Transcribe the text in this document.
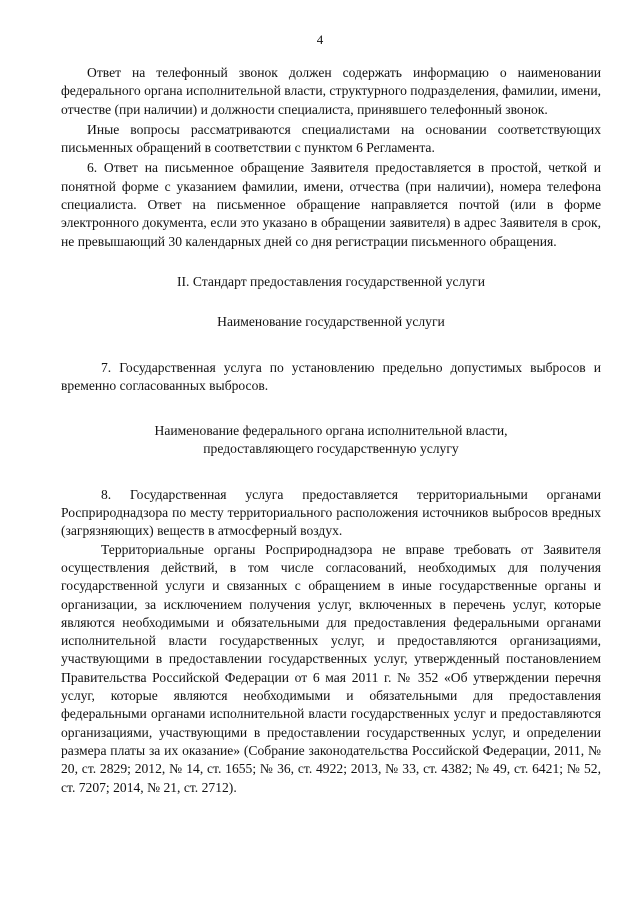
4

Ответ на телефонный звонок должен содержать информацию о наименовании федерального органа исполнительной власти, структурного подразделения, фамилии, имени, отчестве (при наличии) и должности специалиста, принявшего телефонный звонок.

Иные вопросы рассматриваются специалистами на основании соответствующих письменных обращений в соответствии с пунктом 6 Регламента.

6. Ответ на письменное обращение Заявителя предоставляется в простой, четкой и понятной форме с указанием фамилии, имени, отчества (при наличии), номера телефона специалиста. Ответ на письменное обращение направляется почтой (или в форме электронного документа, если это указано в обращении заявителя) в адрес Заявителя в срок, не превышающий 30 календарных дней со дня регистрации письменного обращения.

II. Стандарт предоставления государственной услуги

Наименование государственной услуги

7. Государственная услуга по установлению предельно допустимых выбросов и временно согласованных выбросов.

Наименование федерального органа исполнительной власти,

предоставляющего государственную услугу

8. Государственная услуга предоставляется территориальными органами Росприроднадзора по месту территориального расположения источников выбросов вредных (загрязняющих) веществ в атмосферный воздух.

Территориальные органы Росприроднадзора не вправе требовать от Заявителя осуществления действий, в том числе согласований, необходимых для получения государственной услуги и связанных с обращением в иные государственные органы и организации, за исключением получения услуг, включенных в перечень услуг, которые являются необходимыми и обязательными для предоставления федеральными органами исполнительной власти государственных услуг, и предоставляются организациями, участвующими в предоставлении государственных услуг, утвержденный постановлением Правительства Российской Федерации от 6 мая 2011 г. № 352 «Об утверждении перечня услуг, которые являются необходимыми и обязательными для предоставления федеральными органами исполнительной власти государственных услуг и предоставляются организациями, участвующими в предоставлении государственных услуг, и определении размера платы за их оказание» (Собрание законодательства Российской Федерации, 2011, № 20, ст. 2829; 2012, № 14, ст. 1655; № 36, ст. 4922; 2013, № 33, ст. 4382; № 49, ст. 6421; № 52, ст. 7207; 2014, № 21, ст. 2712).
